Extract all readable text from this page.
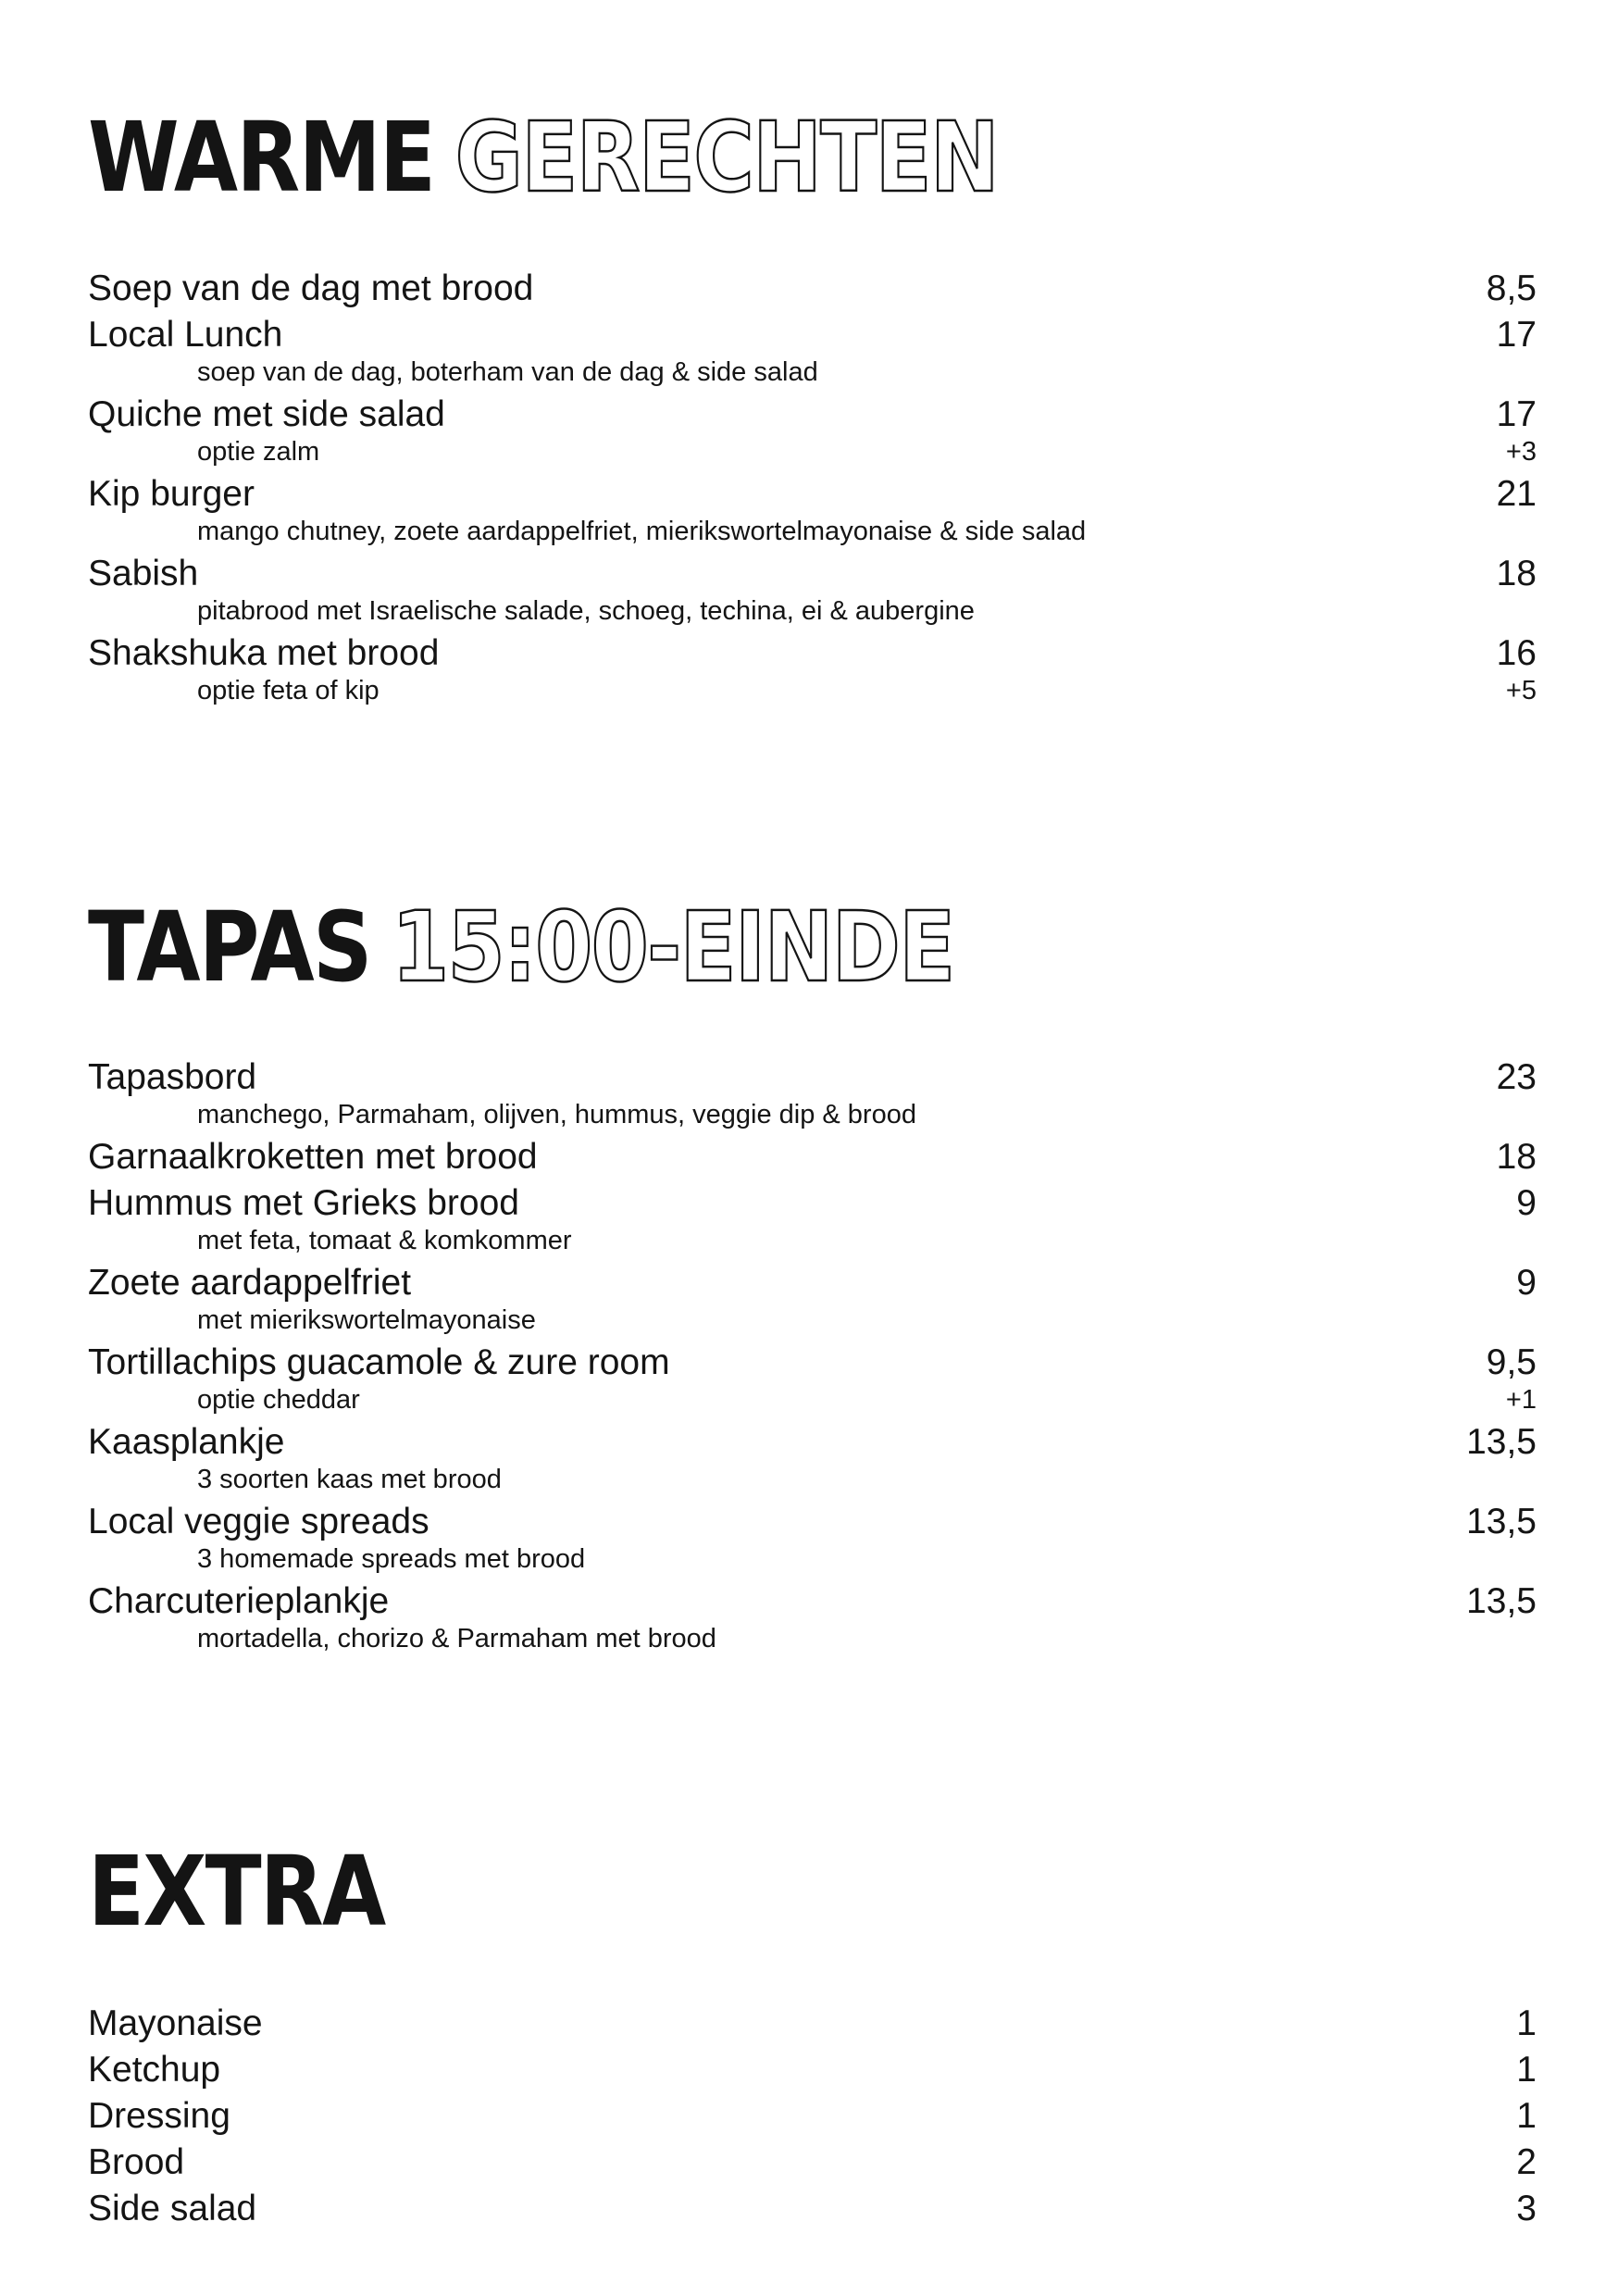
WARME GERECHTEN
Soep van de dag met brood	8,5
Local Lunch	17
soep van de dag, boterham van de dag & side salad
Quiche met side salad	17
optie zalm	+3
Kip burger	21
mango chutney, zoete aardappelfriet, mierikswortelmayonaise & side salad
Sabish	18
pitabrood met Israelische salade, schoeg, techina, ei & aubergine
Shakshuka met brood	16
optie feta of kip	+5
TAPAS 15:00-EINDE
Tapasbord	23
manchego, Parmaham, olijven, hummus, veggie dip & brood
Garnaalkroketten met brood	18
Hummus met Grieks brood	9
met feta, tomaat & komkommer
Zoete aardappelfriet	9
met mierikswortelmayonaise
Tortillachips guacamole & zure room	9,5
optie cheddar	+1
Kaasplankje	13,5
3 soorten kaas met brood
Local veggie spreads	13,5
3 homemade spreads met brood
Charcuterieplankje	13,5
mortadella, chorizo & Parmaham met brood
EXTRA
Mayonaise	1
Ketchup	1
Dressing	1
Brood	2
Side salad	3
